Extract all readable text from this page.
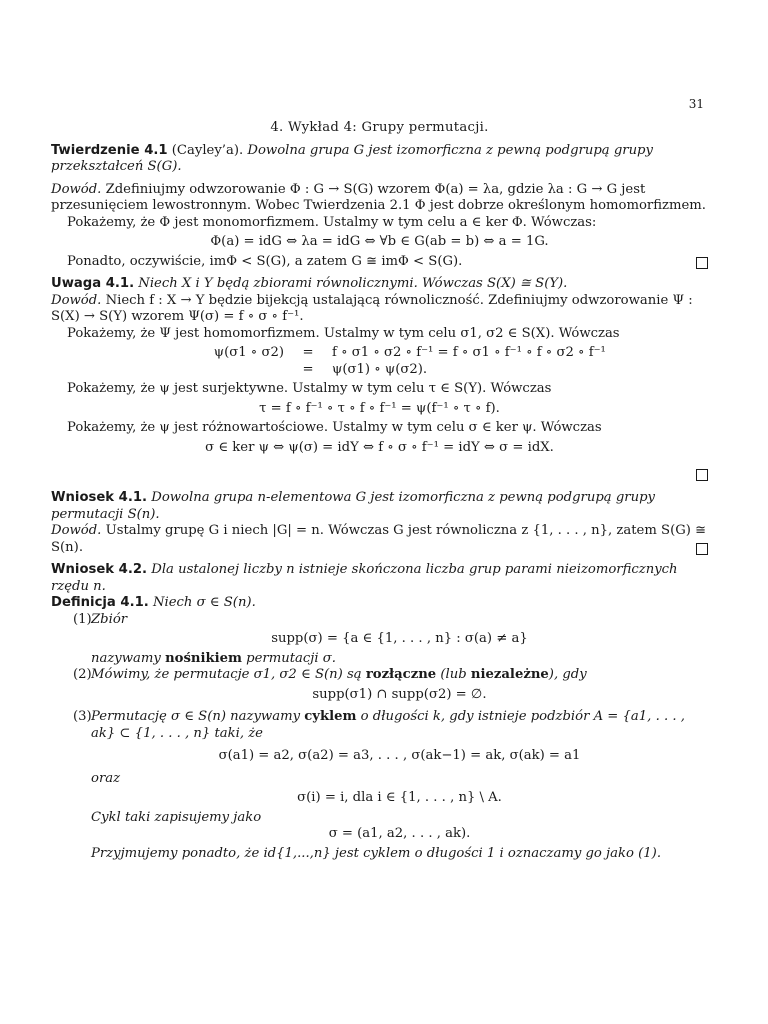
31

4. Wykład 4: Grupy permutacji.

Twierdzenie 4.1 (Cayley’a). Dowolna grupa G jest izomorficzna z pewną podgrupą grupy przekształceń S(G).

Dowód. Zdefiniujmy odwzorowanie Φ : G → S(G) wzorem Φ(a) = λa, gdzie λa : G → G jest przesunięciem lewostronnym. Wobec Twierdzenia 2.1 Φ jest dobrze określonym homomorfizmem.

Pokażemy, że Φ jest monomorfizmem. Ustalmy w tym celu a ∈ ker Φ. Wówczas:

Φ(a) = idG ⇔ λa = idG ⇔ ∀b ∈ G(ab = b) ⇔ a = 1G.

Ponadto, oczywiście, imΦ < S(G), a zatem G ≅ imΦ < S(G).

Uwaga 4.1. Niech X i Y będą zbiorami równolicznymi. Wówczas S(X) ≅ S(Y).

Dowód. Niech f : X → Y będzie bijekcją ustalającą równoliczność. Zdefiniujmy odwzorowanie Ψ : S(X) → S(Y) wzorem Ψ(σ) = f ∘ σ ∘ f⁻¹.

Pokażemy, że Ψ jest homomorfizmem. Ustalmy w tym celu σ1, σ2 ∈ S(X). Wówczas

ψ(σ1 ∘ σ2)	=	f ∘ σ1 ∘ σ2 ∘ f⁻¹ = f ∘ σ1 ∘ f⁻¹ ∘ f ∘ σ2 ∘ f⁻¹
=	ψ(σ1) ∘ ψ(σ2).

Pokażemy, że ψ jest surjektywne. Ustalmy w tym celu τ ∈ S(Y). Wówczas

τ = f ∘ f⁻¹ ∘ τ ∘ f ∘ f⁻¹ = ψ(f⁻¹ ∘ τ ∘ f).

Pokażemy, że ψ jest różnowartościowe. Ustalmy w tym celu σ ∈ ker ψ. Wówczas

σ ∈ ker ψ ⇔ ψ(σ) = idY ⇔ f ∘ σ ∘ f⁻¹ = idY ⇔ σ = idX.

Wniosek 4.1. Dowolna grupa n-elementowa G jest izomorficzna z pewną podgrupą grupy permutacji S(n).

Dowód. Ustalmy grupę G i niech |G| = n. Wówczas G jest równoliczna z {1, . . . , n}, zatem S(G) ≅ S(n).

Wniosek 4.2. Dla ustalonej liczby n istnieje skończona liczba grup parami nieizomorficznych rzędu n.

Definicja 4.1. Niech σ ∈ S(n).

(1) Zbiór

supp(σ) = {a ∈ {1, . . . , n} : σ(a) ≠ a}

nazywamy nośnikiem permutacji σ.

(2) Mówimy, że permutacje σ1, σ2 ∈ S(n) są rozłączne (lub niezależne), gdy

supp(σ1) ∩ supp(σ2) = ∅.

(3) Permutację σ ∈ S(n) nazywamy cyklem o długości k, gdy istnieje podzbiór A = {a1, . . . , ak} ⊂ {1, . . . , n} taki, że

σ(a1) = a2, σ(a2) = a3, . . . , σ(ak−1) = ak, σ(ak) = a1

oraz

σ(i) = i, dla i ∈ {1, . . . , n} \ A.

Cykl taki zapisujemy jako

σ = (a1, a2, . . . , ak).

Przyjmujemy ponadto, że id{1,...,n} jest cyklem o długości 1 i oznaczamy go jako (1).
